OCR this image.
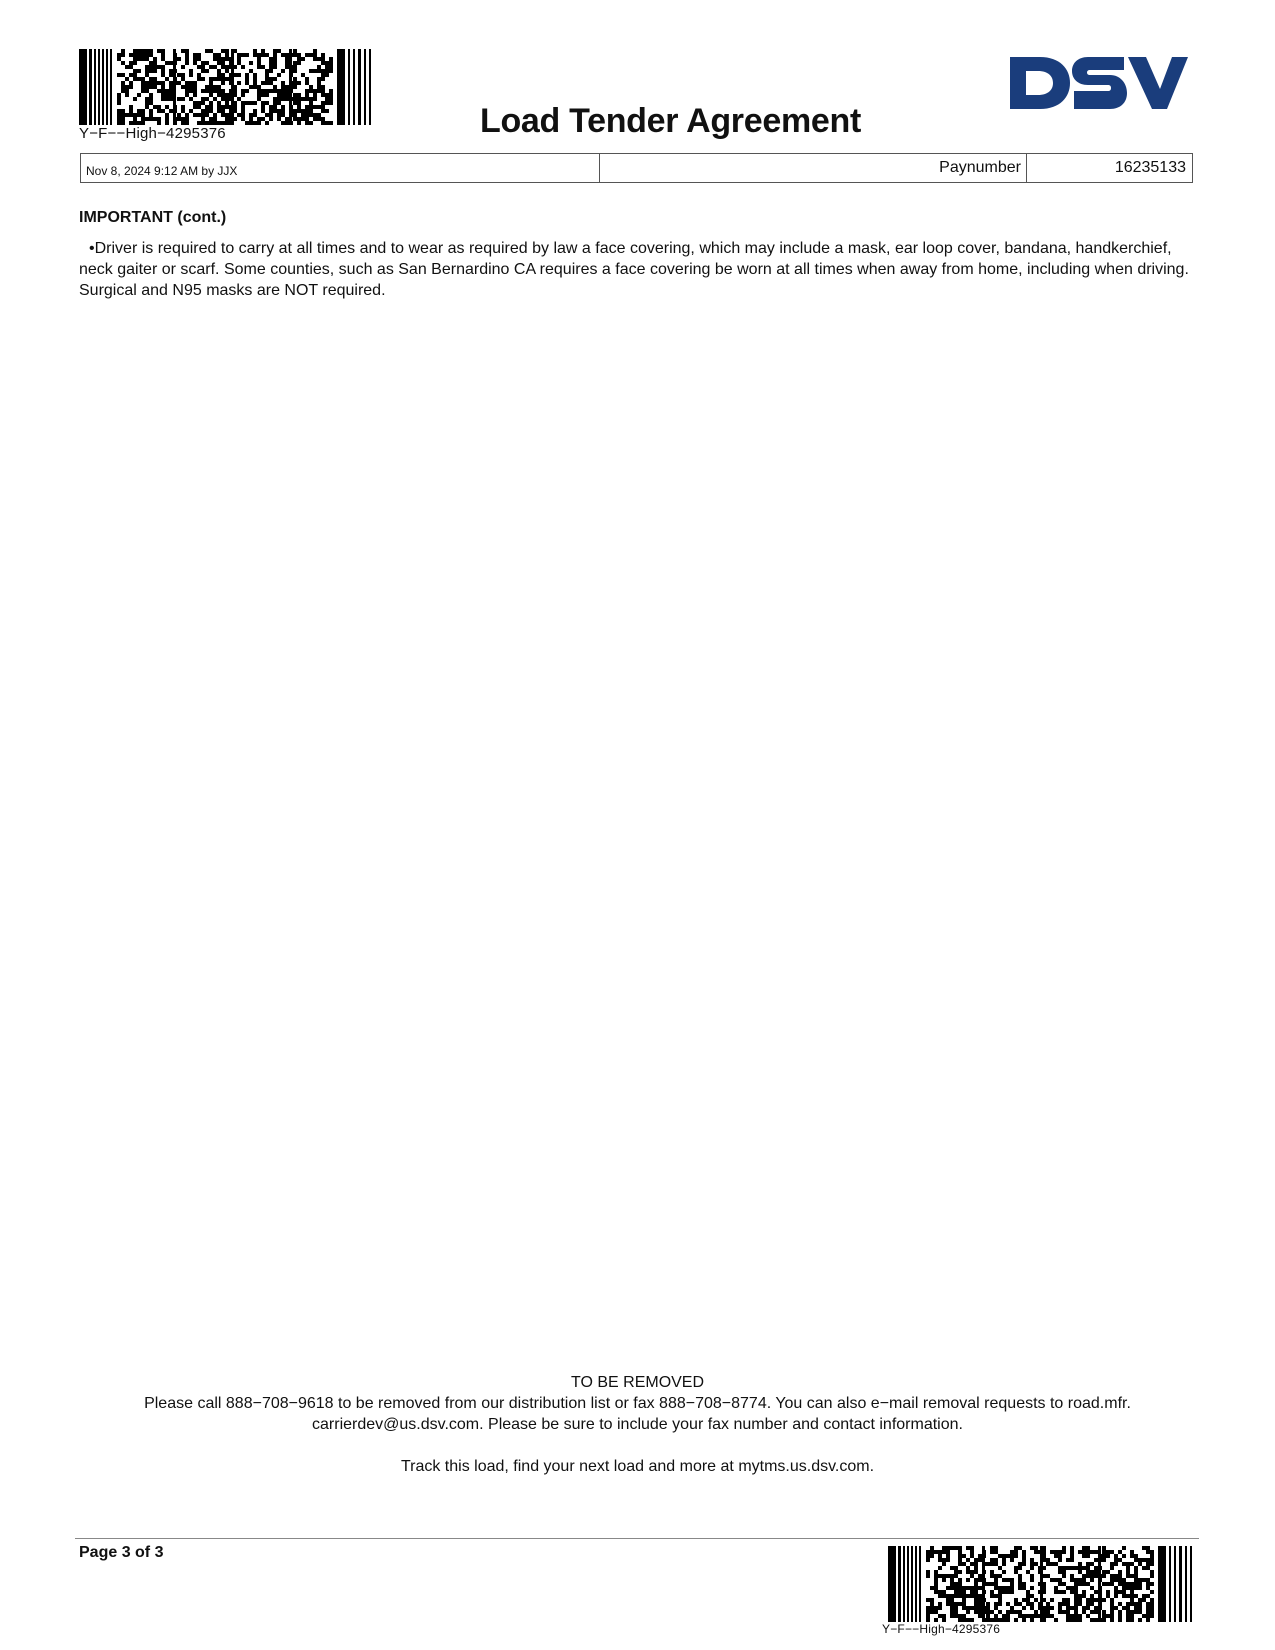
Y−F−−High−4295376	Load Tender Agreement
Nov 8, 2024 9:12 AM by JJX	Paynumber	16235133
IMPORTANT (cont.)
•Driver is required to carry at all times and to wear as required by law a face covering, which may include a mask, ear loop cover, bandana, handkerchief, neck gaiter or scarf. Some counties, such as San Bernardino CA requires a face covering be worn at all times when away from home, including when driving. Surgical and N95 masks are NOT required.
TO BE REMOVED
Please call 888−708−9618 to be removed from our distribution list or fax 888−708−8774. You can also e−mail removal requests to road.mfr.
carrierdev@us.dsv.com. Please be sure to include your fax number and contact information.
Track this load, find your next load and more at mytms.us.dsv.com.
Page 3 of 3
Y−F−−High−4295376
